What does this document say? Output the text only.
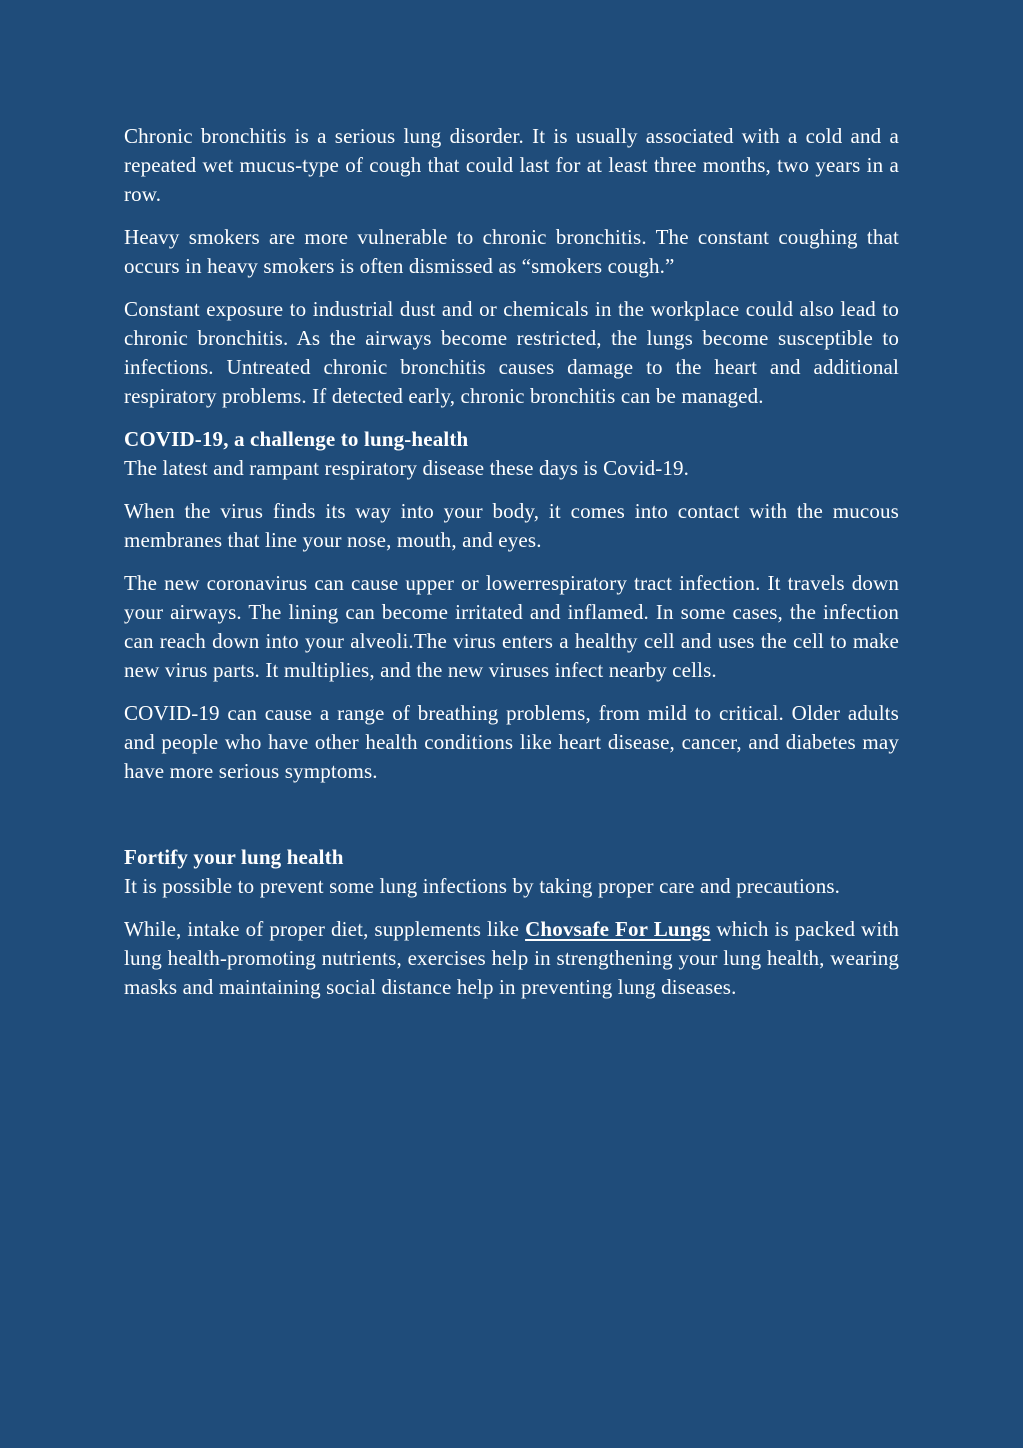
Chronic bronchitis is a serious lung disorder. It is usually associated with a cold and a repeated wet mucus-type of cough that could last for at least three months, two years in a row.

Heavy smokers are more vulnerable to chronic bronchitis. The constant coughing that occurs in heavy smokers is often dismissed as “smokers cough.”

Constant exposure to industrial dust and or chemicals in the workplace could also lead to chronic bronchitis. As the airways become restricted, the lungs become susceptible to infections. Untreated chronic bronchitis causes damage to the heart and additional respiratory problems. If detected early, chronic bronchitis can be managed.

COVID-19, a challenge to lung-health

The latest and rampant respiratory disease these days is Covid-19.

When the virus finds its way into your body, it comes into contact with the mucous membranes that line your nose, mouth, and eyes.

The new coronavirus can cause upper or lowerrespiratory tract infection. It travels down your airways. The lining can become irritated and inflamed. In some cases, the infection can reach down into your alveoli.The virus enters a healthy cell and uses the cell to make new virus parts. It multiplies, and the new viruses infect nearby cells.

COVID-19 can cause a range of breathing problems, from mild to critical. Older adults and people who have other health conditions like heart disease, cancer, and diabetes may have more serious symptoms.

Fortify your lung health

It is possible to prevent some lung infections by taking proper care and precautions.

While, intake of proper diet, supplements like Chovsafe For Lungs which is packed with lung health-promoting nutrients, exercises help in strengthening your lung health, wearing masks and maintaining social distance help in preventing lung diseases.
